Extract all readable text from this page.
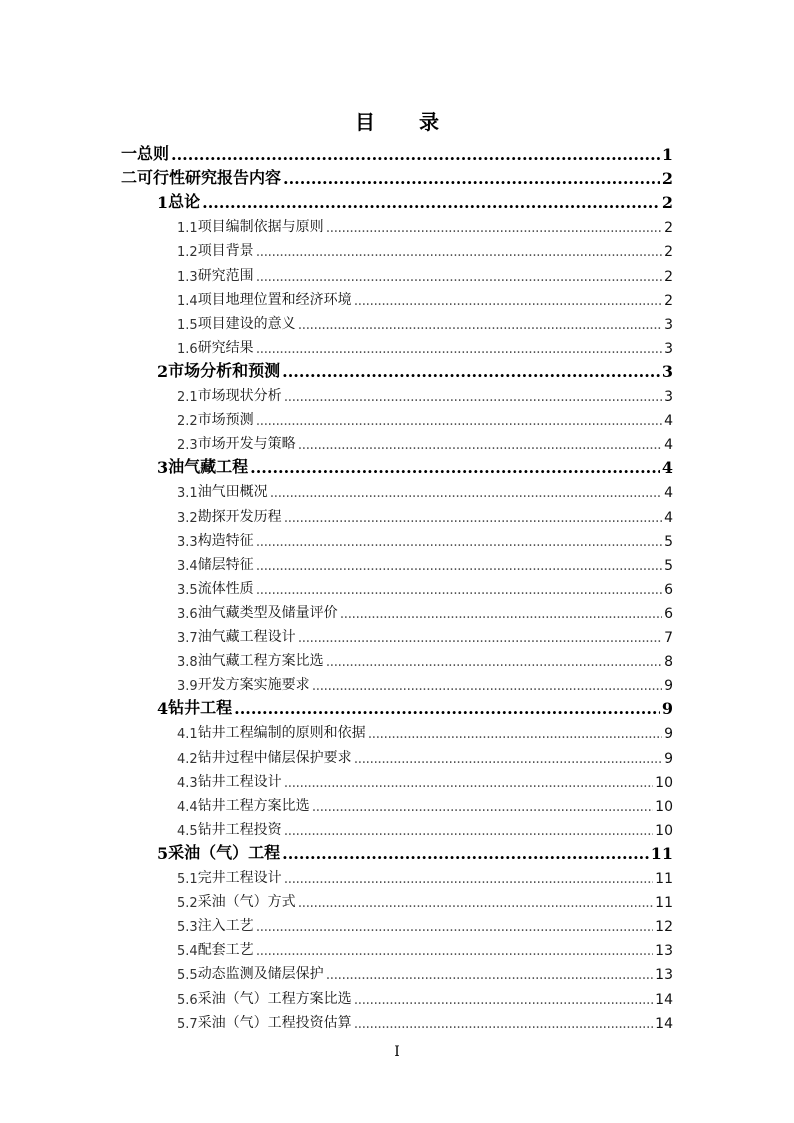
目 录
一 总则 .....	1
二 可行性研究报告内容 .....	2
1 总论 .....	2
1.1 项目编制依据与原则 .....	2
1.2 项目背景 .....	2
1.3 研究范围 .....	2
1.4 项目地理位置和经济环境 .....	2
1.5 项目建设的意义 .....	3
1.6 研究结果 .....	3
2 市场分析和预测 .....	3
2.1 市场现状分析 .....	3
2.2 市场预测 .....	4
2.3 市场开发与策略 .....	4
3 油气藏工程 .....	4
3.1 油气田概况 .....	4
3.2 勘探开发历程 .....	4
3.3 构造特征 .....	5
3.4 储层特征 .....	5
3.5 流体性质 .....	6
3.6 油气藏类型及储量评价 .....	6
3.7 油气藏工程设计 .....	7
3.8 油气藏工程方案比选 .....	8
3.9 开发方案实施要求 .....	9
4 钻井工程 .....	9
4.1 钻井工程编制的原则和依据 .....	9
4.2 钻井过程中储层保护要求 .....	9
4.3 钻井工程设计 .....	10
4.4 钻井工程方案比选 .....	10
4.5 钻井工程投资 .....	10
5 采油（气）工程 .....	11
5.1 完井工程设计 .....	11
5.2 采油（气）方式 .....	11
5.3 注入工艺 .....	12
5.4 配套工艺 .....	13
5.5 动态监测及储层保护 .....	13
5.6 采油（气）工程方案比选 .....	14
5.7 采油（气）工程投资估算 .....	14
I
